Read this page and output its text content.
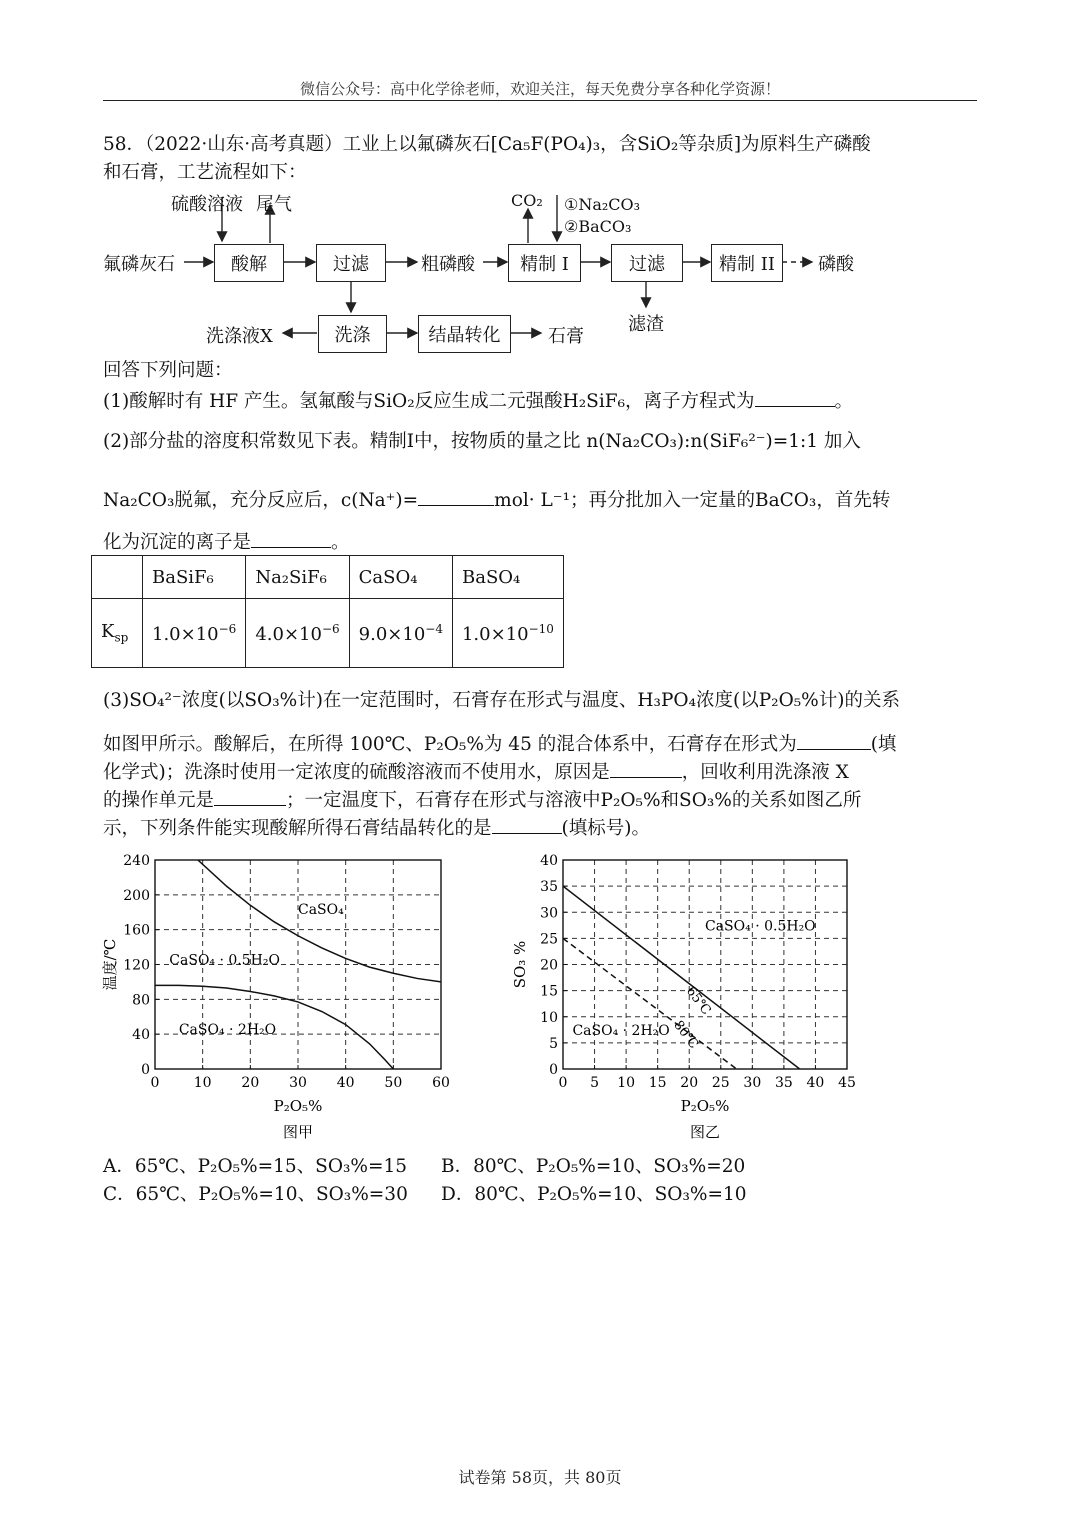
微信公众号：高中化学徐老师，欢迎关注，每天免费分享各种化学资源！
58．（2022·山东·高考真题）工业上以氟磷灰石[Ca₅F(PO₄)₃，含SiO₂等杂质]为原料生产磷酸
和石膏，工艺流程如下：
氟磷灰石
硫酸溶液 尾气
酸解	过滤	粗磷酸	精制 I
CO₂ ①Na₂CO₃
②BaCO₃
过滤	精制 II	磷酸
滤渣
洗涤
洗涤液X	结晶转化	石膏
回答下列问题：
(1)酸解时有 HF 产生。氢氟酸与SiO₂反应生成二元强酸H₂SiF₆，离子方程式为	。
(2)部分盐的溶度积常数见下表。精制I中，按物质的量之比 n(Na₂CO₃):n(SiF₆²⁻)=1:1 加入
Na₂CO₃脱氟，充分反应后，c(Na⁺)=	mol· L⁻¹；再分批加入一定量的BaCO₃，首先转
化为沉淀的离子是	。
	BaSiF₆	Na₂SiF₆	CaSO₄	BaSO₄
$K_{sp}$	$1.0\times 10^{-6}$	$4.0\times 10^{-6}$	$9.0\times 10^{-4}$	$1.0\times 10^{-10}$
(3)SO₄²⁻浓度(以SO₃%计)在一定范围时，石膏存在形式与温度、H₃PO₄浓度(以P₂O₅%计)的关系
如图甲所示。酸解后，在所得 100℃、P₂O₅%为 45 的混合体系中，石膏存在形式为	(填
化学式)；洗涤时使用一定浓度的硫酸溶液而不使用水，原因是	，回收利用洗涤液 X
的操作单元是	；一定温度下，石膏存在形式与溶液中P₂O₅%和SO₃%的关系如图乙所
示，下列条件能实现酸解所得石膏结晶转化的是	(填标号)。
0 10 20 30 40 50 60
0
40
80
120
160
200
240
P₂O₅%
图甲
温度/℃
CaSO₄
CaSO₄ · 0.5H₂O
CaSO₄ · 2H₂O
0 5 10 15 20 25 30 35 40 45
0
5
10
15
20
25
30
35
40
P₂O₅%
图乙
SO₃ %
CaSO₄ · 0.5H₂O
CaSO₄ · 2H₂O
65℃
80℃
A．65℃、P₂O₅%=15、SO₃%=15 B．80℃、P₂O₅%=10、SO₃%=20
C．65℃、P₂O₅%=10、SO₃%=30 D．80℃、P₂O₅%=10、SO₃%=10
试卷第 58页，共 80页
